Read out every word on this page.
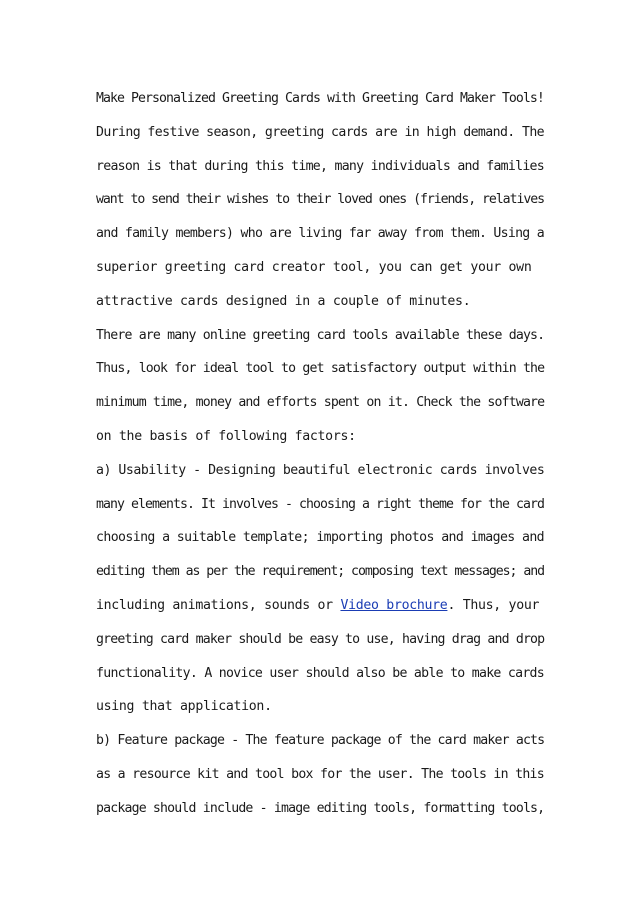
Make Personalized Greeting Cards with Greeting Card Maker Tools!
During festive season, greeting cards are in high demand. The
reason is that during this time, many individuals and families
want to send their wishes to their loved ones (friends, relatives
and family members) who are living far away from them. Using a
superior greeting card creator tool, you can get your own
attractive cards designed in a couple of minutes.
There are many online greeting card tools available these days.
Thus, look for ideal tool to get satisfactory output within the
minimum time, money and efforts spent on it. Check the software
on the basis of following factors:
a) Usability - Designing beautiful electronic cards involves
many elements. It involves - choosing a right theme for the card
choosing a suitable template; importing photos and images and
editing them as per the requirement; composing text messages; and
including animations, sounds or Video brochure. Thus, your
greeting card maker should be easy to use, having drag and drop
functionality. A novice user should also be able to make cards
using that application.
b) Feature package - The feature package of the card maker acts
as a resource kit and tool box for the user. The tools in this
package should include - image editing tools, formatting tools,
